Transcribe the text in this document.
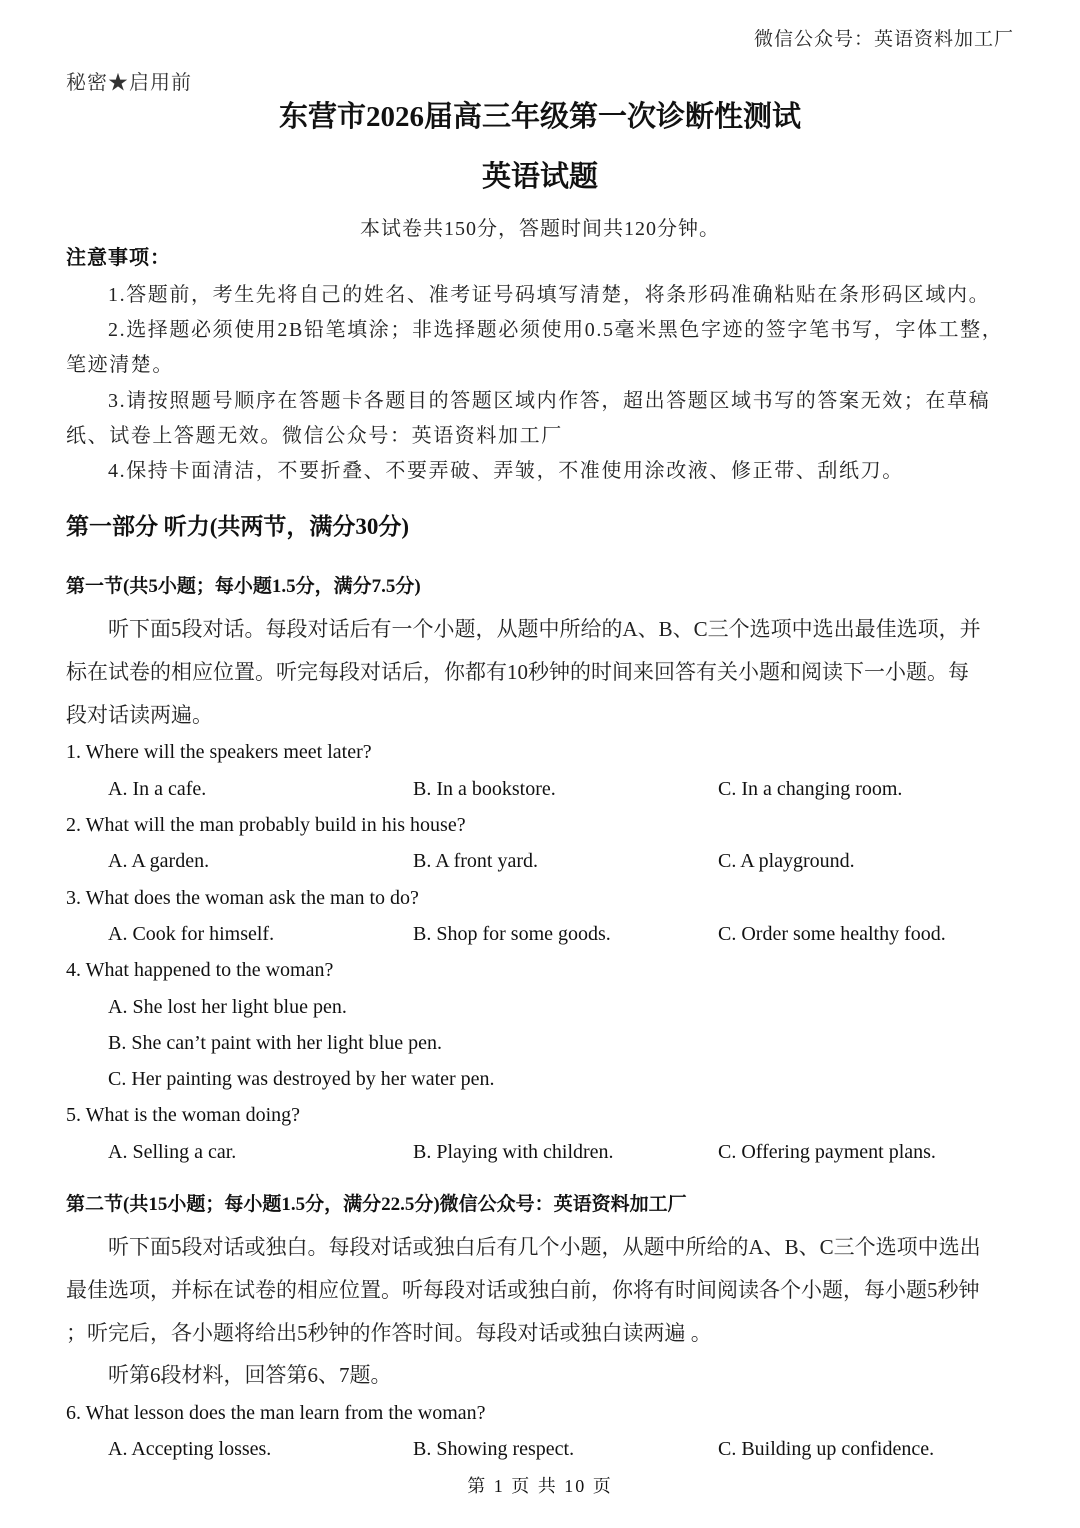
微信公众号：英语资料加工厂
秘密★启用前
东营市2026届高三年级第一次诊断性测试
英语试题
本试卷共150分，答题时间共120分钟。
注意事项：
1.答题前，考生先将自己的姓名、准考证号码填写清楚，将条形码准确粘贴在条形码区域内。
2.选择题必须使用2B铅笔填涂；非选择题必须使用0.5毫米黑色字迹的签字笔书写，字体工整，
笔迹清楚。
3.请按照题号顺序在答题卡各题目的答题区域内作答，超出答题区域书写的答案无效；在草稿
纸、试卷上答题无效。微信公众号：英语资料加工厂
4.保持卡面清洁，不要折叠、不要弄破、弄皱，不准使用涂改液、修正带、刮纸刀。
第一部分 听力(共两节，满分30分)
第一节(共5小题；每小题1.5分，满分7.5分)
听下面5段对话。每段对话后有一个小题，从题中所给的A、B、C三个选项中选出最佳选项，并
标在试卷的相应位置。听完每段对话后，你都有10秒钟的时间来回答有关小题和阅读下一小题。每
段对话读两遍。
1. Where will the speakers meet later?
A. In a cafe.	B. In a bookstore.	C. In a changing room.
2. What will the man probably build in his house?
A. A garden.	B. A front yard.	C. A playground.
3. What does the woman ask the man to do?
A. Cook for himself.	B. Shop for some goods.	C. Order some healthy food.
4. What happened to the woman?
A. She lost her light blue pen.
B. She can’t paint with her light blue pen.
C. Her painting was destroyed by her water pen.
5. What is the woman doing?
A. Selling a car.	B. Playing with children.	C. Offering payment plans.
第二节(共15小题；每小题1.5分，满分22.5分)微信公众号：英语资料加工厂
听下面5段对话或独白。每段对话或独白后有几个小题，从题中所给的A、B、C三个选项中选出
最佳选项，并标在试卷的相应位置。听每段对话或独白前，你将有时间阅读各个小题，每小题5秒钟
；听完后，各小题将给出5秒钟的作答时间。每段对话或独白读两遍 。
听第6段材料，回答第6、7题。
6. What lesson does the man learn from the woman?
A. Accepting losses.	B. Showing respect.	C. Building up confidence.
第 1 页 共 10 页
